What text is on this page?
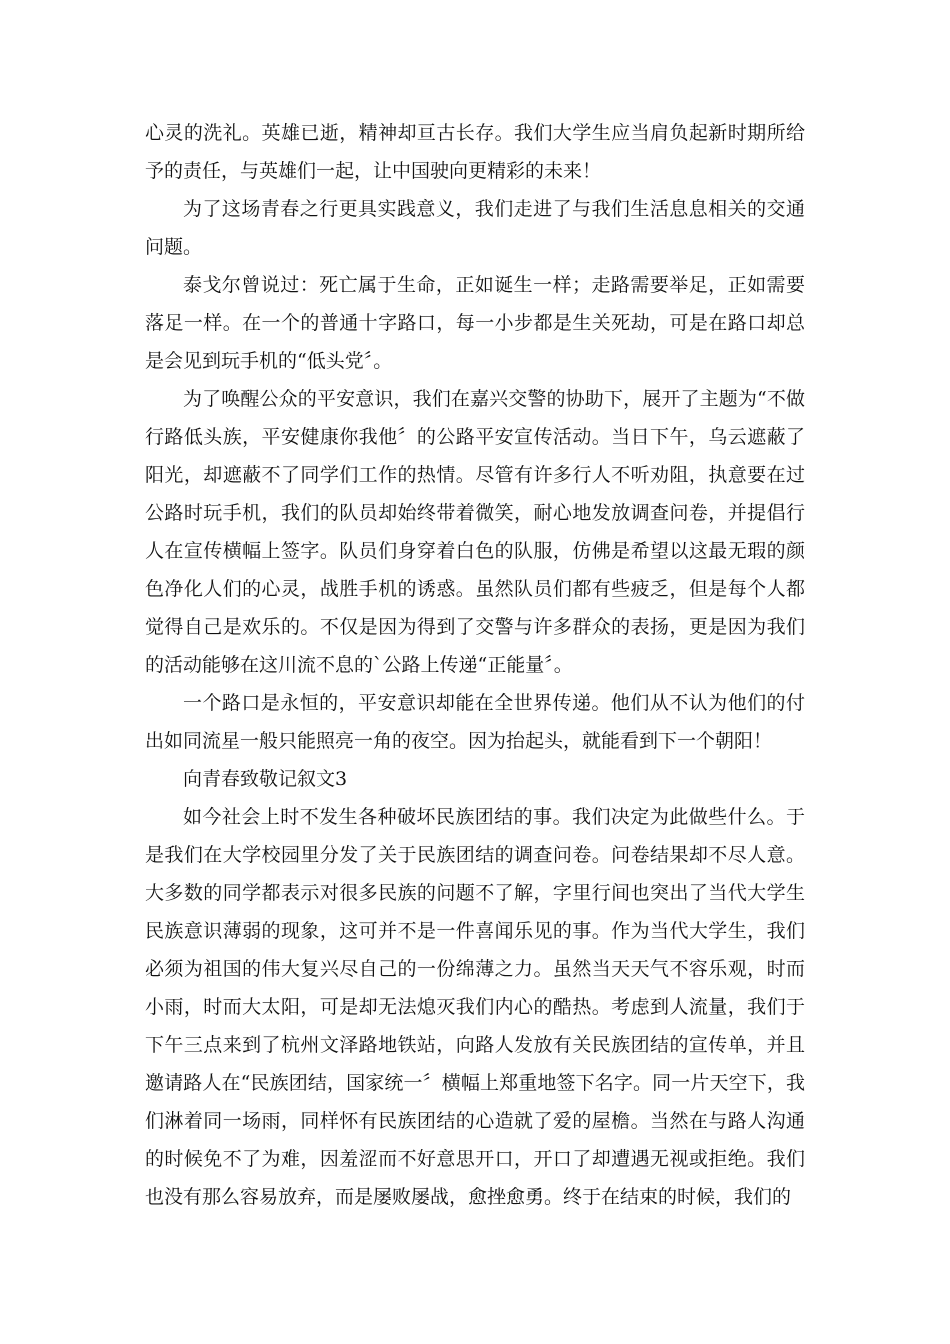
心灵的洗礼。英雄已逝，精神却亘古长存。我们大学生应当肩负起新时期所给予的责任，与英雄们一起，让中国驶向更精彩的未来！

为了这场青春之行更具实践意义，我们走进了与我们生活息息相关的交通问题。

泰戈尔曾说过：死亡属于生命，正如诞生一样；走路需要举足，正如需要落足一样。在一个的普通十字路口，每一小步都是生关死劫，可是在路口却总是会见到玩手机的“低头党〞。

为了唤醒公众的平安意识，我们在嘉兴交警的协助下，展开了主题为“不做行路低头族，平安健康你我他〞的公路平安宣传活动。当日下午，乌云遮蔽了阳光，却遮蔽不了同学们工作的热情。尽管有许多行人不听劝阻，执意要在过公路时玩手机，我们的队员却始终带着微笑，耐心地发放调查问卷，并提倡行人在宣传横幅上签字。队员们身穿着白色的队服，仿佛是希望以这最无瑕的颜色净化人们的心灵，战胜手机的诱惑。虽然队员们都有些疲乏，但是每个人都觉得自己是欢乐的。不仅是因为得到了交警与许多群众的表扬，更是因为我们的活动能够在这川流不息的`公路上传递“正能量〞。

一个路口是永恒的，平安意识却能在全世界传递。他们从不认为他们的付出如同流星一般只能照亮一角的夜空。因为抬起头，就能看到下一个朝阳！

向青春致敬记叙文3

如今社会上时不发生各种破坏民族团结的事。我们决定为此做些什么。于是我们在大学校园里分发了关于民族团结的调查问卷。问卷结果却不尽人意。大多数的同学都表示对很多民族的问题不了解，字里行间也突出了当代大学生民族意识薄弱的现象，这可并不是一件喜闻乐见的事。作为当代大学生，我们必须为祖国的伟大复兴尽自己的一份绵薄之力。虽然当天天气不容乐观，时而小雨，时而大太阳，可是却无法熄灭我们内心的酷热。考虑到人流量，我们于下午三点来到了杭州文泽路地铁站，向路人发放有关民族团结的宣传单，并且邀请路人在“民族团结，国家统一〞横幅上郑重地签下名字。同一片天空下，我们淋着同一场雨，同样怀有民族团结的心造就了爱的屋檐。当然在与路人沟通的时候免不了为难，因羞涩而不好意思开口，开口了却遭遇无视或拒绝。我们也没有那么容易放弃，而是屡败屡战，愈挫愈勇。终于在结束的时候，我们的
